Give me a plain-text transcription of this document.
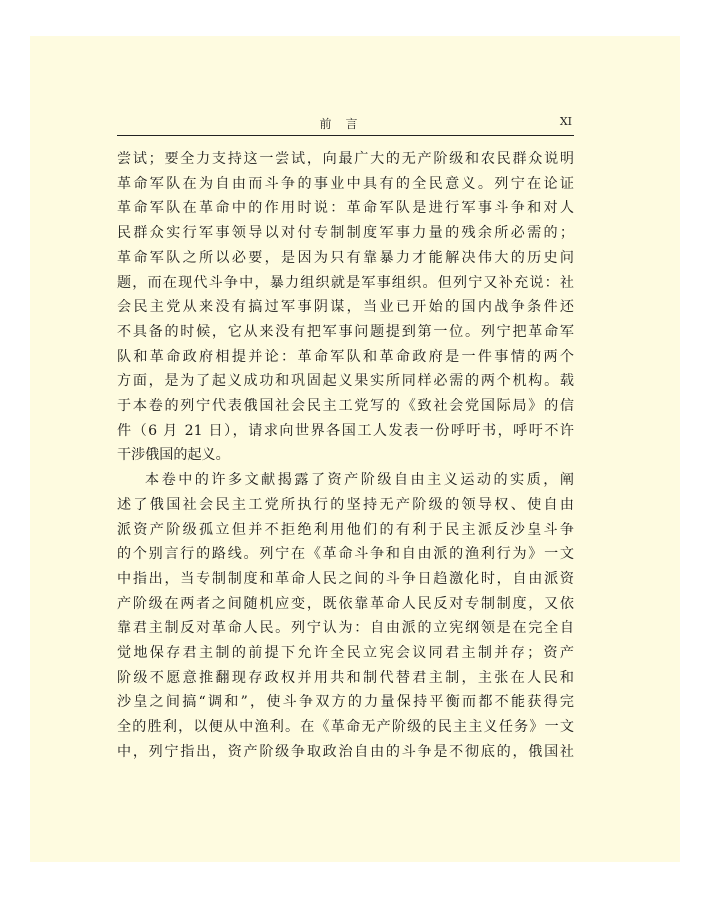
前言	XI
尝试；要全力支持这一尝试，向最广大的无产阶级和农民群众说明
革命军队在为自由而斗争的事业中具有的全民意义。列宁在论证
革命军队在革命中的作用时说：革命军队是进行军事斗争和对人
民群众实行军事领导以对付专制制度军事力量的残余所必需的；
革命军队之所以必要，是因为只有靠暴力才能解决伟大的历史问
题，而在现代斗争中，暴力组织就是军事组织。但列宁又补充说：社
会民主党从来没有搞过军事阴谋，当业已开始的国内战争条件还
不具备的时候，它从来没有把军事问题提到第一位。列宁把革命军
队和革命政府相提并论：革命军队和革命政府是一件事情的两个
方面，是为了起义成功和巩固起义果实所同样必需的两个机构。载
于本卷的列宁代表俄国社会民主工党写的《致社会党国际局》的信
件（6 月 21 日），请求向世界各国工人发表一份呼吁书，呼吁不许
干涉俄国的起义。
本卷中的许多文献揭露了资产阶级自由主义运动的实质，阐
述了俄国社会民主工党所执行的坚持无产阶级的领导权、使自由
派资产阶级孤立但并不拒绝利用他们的有利于民主派反沙皇斗争
的个别言行的路线。列宁在《革命斗争和自由派的渔利行为》一文
中指出，当专制制度和革命人民之间的斗争日趋激化时，自由派资
产阶级在两者之间随机应变，既依靠革命人民反对专制制度，又依
靠君主制反对革命人民。列宁认为：自由派的立宪纲领是在完全自
觉地保存君主制的前提下允许全民立宪会议同君主制并存；资产
阶级不愿意推翻现存政权并用共和制代替君主制，主张在人民和
沙皇之间搞“调和”，使斗争双方的力量保持平衡而都不能获得完
全的胜利，以便从中渔利。在《革命无产阶级的民主主义任务》一文
中，列宁指出，资产阶级争取政治自由的斗争是不彻底的，俄国社
